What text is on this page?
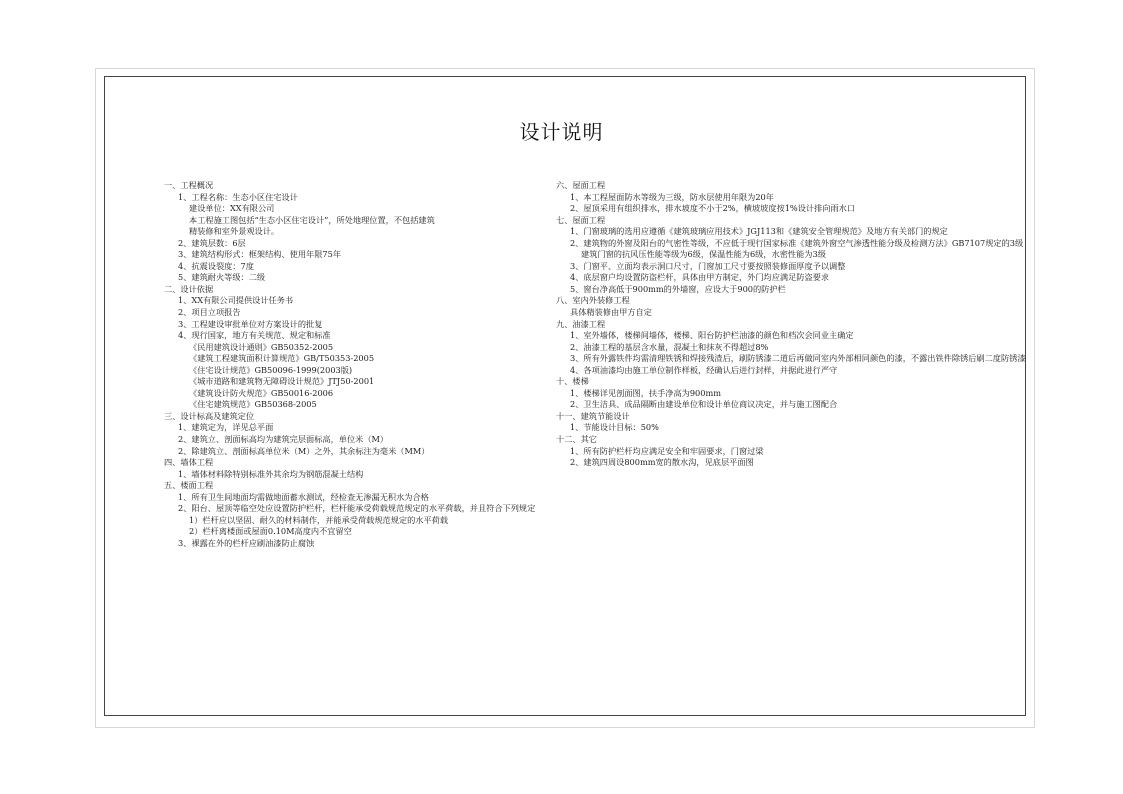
设计说明
一、工程概况
1、工程名称：生态小区住宅设计
建设单位：XX有限公司
本工程施工图包括“生态小区住宅设计”，所处地理位置，不包括建筑
精装修和室外景观设计。
2、建筑层数：6层
3、建筑结构形式：框架结构、使用年限75年
4、抗震设裂度：7度
5、建筑耐火等级：二级
二、设计依据
1、XX有限公司提供设计任务书
2、项目立项报告
3、工程建设审批单位对方案设计的批复
4、现行国家，地方有关规范、规定和标准
《民用建筑设计通则》GB50352-2005
《建筑工程建筑面积计算规范》GB/T50353-2005
《住宅设计规范》GB50096-1999(2003版)
《城市道路和建筑物无障碍设计规范》JTJ50-2001
《建筑设计防火规范》GB50016-2006
《住宅建筑规范》GB50368-2005
三、设计标高及建筑定位
1、建筑定为，详见总平面
2、建筑立、剖面标高均为建筑完层面标高，单位米（M）
2、除建筑立、剖面标高单位米（M）之外，其余标注为毫米（MM）
四、墙体工程
1、墙体材料除特别标准外其余均为钢筋混凝土结构
五、楼面工程
1、所有卫生间地面均需做地面蓄水测试，经检查无渗漏无积水为合格
2、阳台、屋顶等临空处应设置防护栏杆，栏杆能承受荷载规范规定的水平荷载，并且符合下列规定
1）栏杆应以坚固、耐久的材料制作，并能承受荷载规范规定的水平荷载
2）栏杆离楼面或屋面0.10M高度内不宜留空
3、裸露在外的栏杆应刷油漆防止腐蚀
六、屋面工程
1、本工程屋面防水等级为三级，防水层使用年限为20年
2、屋顶采用有组织排水，排水坡度不小于2%，横坡坡度按1%设计排向雨水口
七、屋面工程
1、门窗玻璃的选用应遵循《建筑玻璃应用技术》JGJ113和《建筑安全管理规范》及地方有关部门的规定
2、建筑物的外窗及阳台的气密性等级，不应低于现行国家标准《建筑外窗空气渗透性能分级及检测方法》GB7107规定的3级
建筑门窗的抗风压性能等级为6级，保温性能为6级，水密性能为3级
3、门窗平、立面均表示洞口尺寸，门窗加工尺寸要按照装修面厚度予以调整
4、底层窗户均设置防盗栏杆，具体由甲方制定，外门均应满足防盗要求
5、窗台净高低于900mm的外墙窗，应设大于900的防护栏
八、室内外装修工程
具体精装修由甲方自定
九、油漆工程
1、室外墙体，楼梯间墙体，楼梯、阳台防护栏油漆的颜色和档次会同业主确定
2、油漆工程的基层含水量，混凝土和抹灰不得超过8%
3、所有外露铁件均需清理铁锈和焊接残渣后，刷防锈漆二道后再做同室内外部相同颜色的漆，不露出铁件除锈后刷二度防锈漆
4、各项油漆均由施工单位制作样板，经确认后进行封样，并据此进行严守
十、楼梯
1、楼梯详见剖面图，扶手净高为900mm
2、卫生洁具、成品隔断由建设单位和设计单位商议决定，并与施工图配合
十一、建筑节能设计
1、节能设计目标：50%
十二、其它
1、所有防护栏杆均应满足安全和牢固要求，门窗过梁
2、建筑四周设800mm宽的散水沟，见底层平面图
